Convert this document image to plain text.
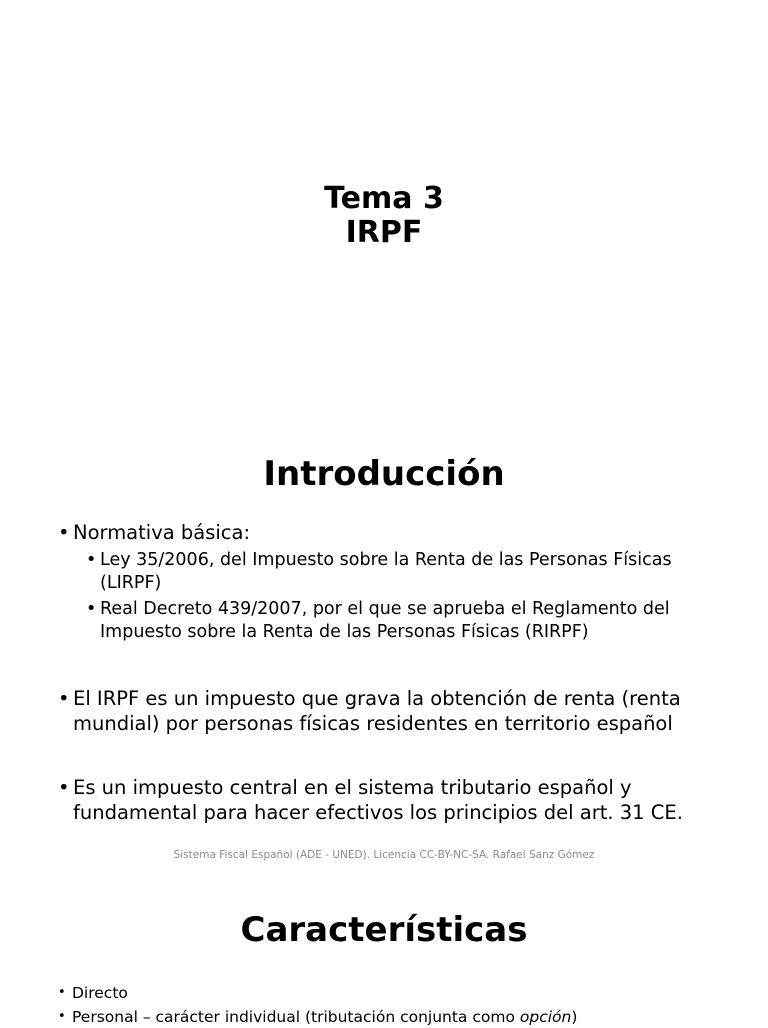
Tema 3
IRPF
Introducción
• Normativa básica:
• Ley 35/2006, del Impuesto sobre la Renta de las Personas Físicas (LIRPF)
• Real Decreto 439/2007, por el que se aprueba el Reglamento del Impuesto sobre la Renta de las Personas Físicas (RIRPF)
• El IRPF es un impuesto que grava la obtención de renta (renta mundial) por personas físicas residentes en territorio español
• Es un impuesto central en el sistema tributario español y fundamental para hacer efectivos los principios del art. 31 CE.
Sistema Fiscal Español (ADE - UNED). Licencia CC-BY-NC-SA. Rafael Sanz Gómez
Características
• Directo
• Personal – carácter individual (tributación conjunta como opción)
